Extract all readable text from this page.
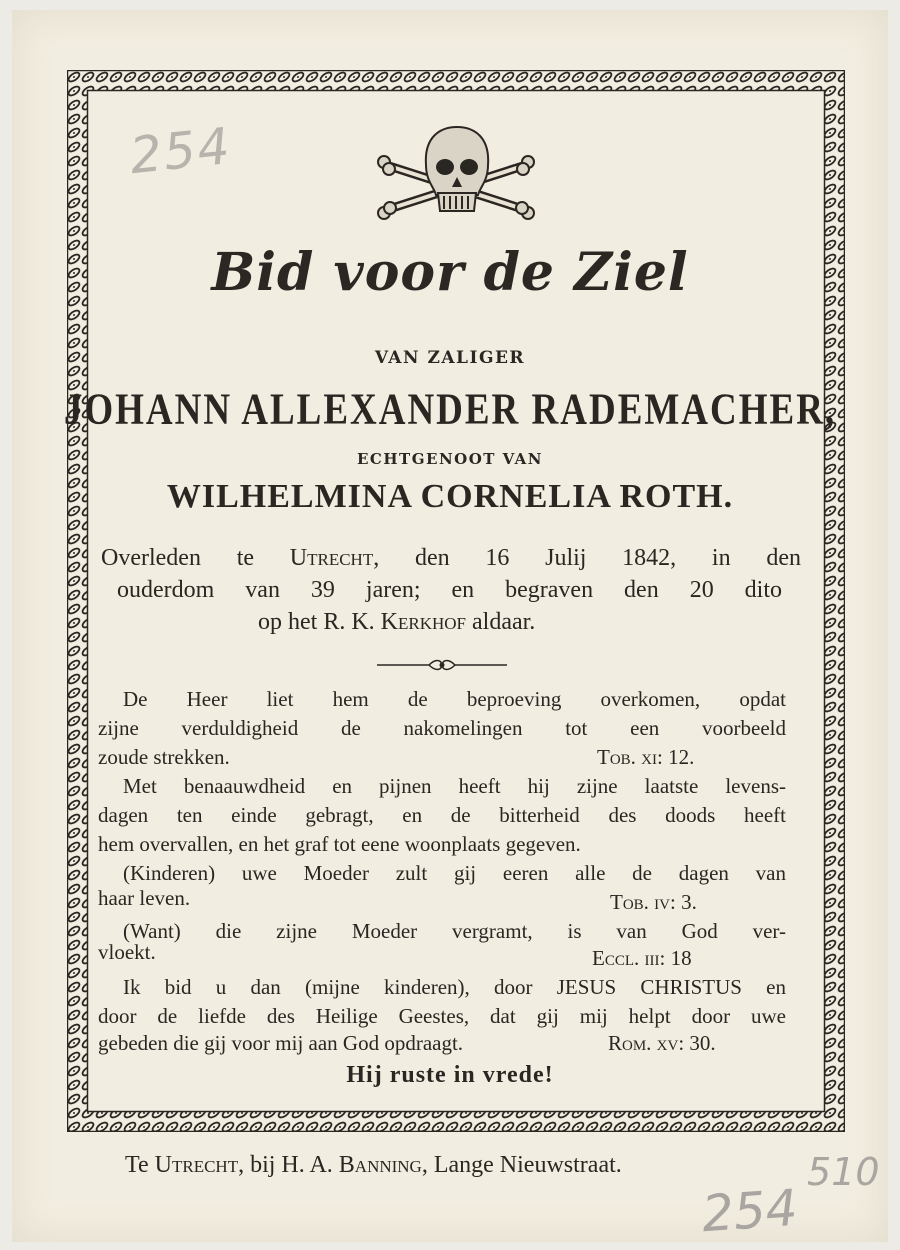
254
Bid voor de Ziel
VAN ZALIGER
JOHANN ALLEXANDER RADEMACHER,
ECHTGENOOT VAN
WILHELMINA CORNELIA ROTH.
Overleden te Utrecht, den 16 Julij 1842, in den
ouderdom van 39 jaren; en begraven den 20 dito
op het R. K. Kerkhof aldaar.
De Heer liet hem de beproeving overkomen, opdat
zijne verduldigheid de nakomelingen tot een voorbeeld
zoude strekken.	Tob. xi: 12.
Met benaauwdheid en pijnen heeft hij zijne laatste levens-
dagen ten einde gebragt, en de bitterheid des doods heeft
hem overvallen, en het graf tot eene woonplaats gegeven.
(Kinderen) uwe Moeder zult gij eeren alle de dagen van
haar leven.	Tob. iv: 3.
(Want) die zijne Moeder vergramt, is van God ver-
vloekt.	Eccl. iii: 18
Ik bid u dan (mijne kinderen), door JESUS CHRISTUS en
door de liefde des Heilige Geestes, dat gij mij helpt door uwe
gebeden die gij voor mij aan God opdraagt.	Rom. xv: 30.
Hij ruste in vrede!
Te Utrecht, bij H. A. Banning, Lange Nieuwstraat.	510
254
